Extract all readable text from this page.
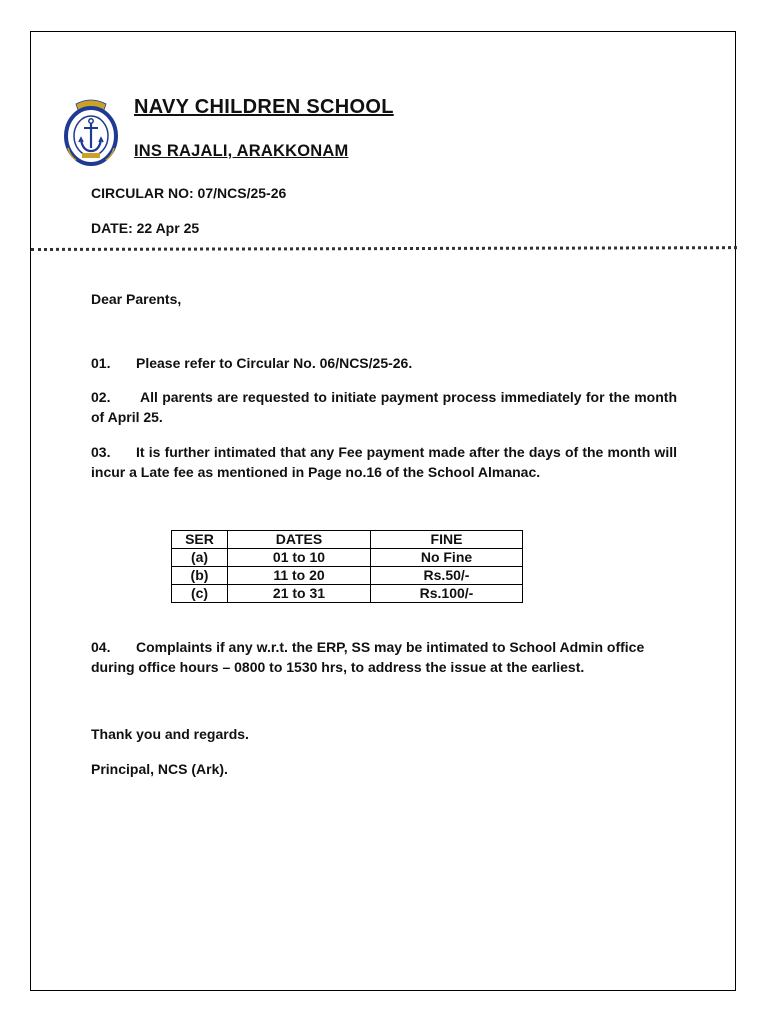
NAVY CHILDREN SCHOOL
INS RAJALI, ARAKKONAM
CIRCULAR NO: 07/NCS/25-26
DATE: 22 Apr 25
Dear Parents,
01. Please refer to Circular No. 06/NCS/25-26.
02. All parents are requested to initiate payment process immediately for the month of April 25.
03. It is further intimated that any Fee payment made after the days of the month will incur a Late fee as mentioned in Page no.16 of the School Almanac.
SER	DATES	FINE
(a)	01 to 10	No Fine
(b)	11 to 20	Rs.50/-
(c)	21 to 31	Rs.100/-
04. Complaints if any w.r.t. the ERP, SS may be intimated to School Admin office during office hours – 0800 to 1530 hrs, to address the issue at the earliest.
Thank you and regards.
Principal, NCS (Ark).
